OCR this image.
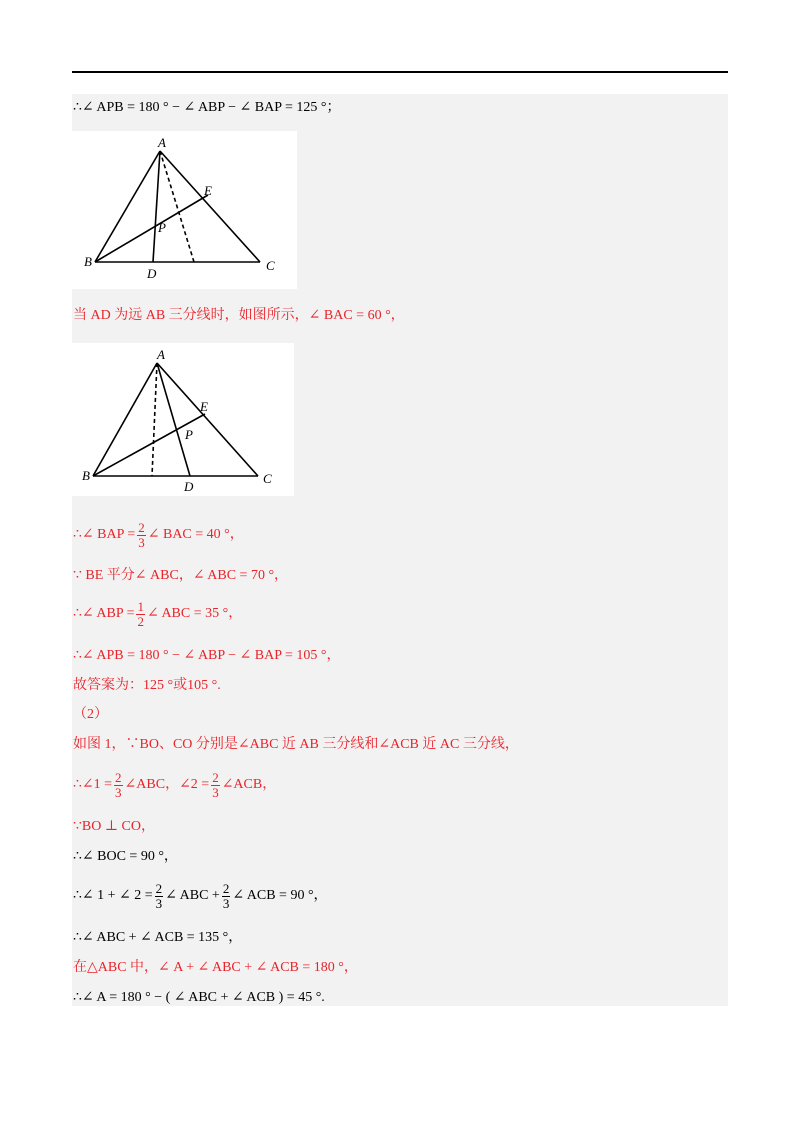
∴∠ APB = 180 ° − ∠ ABP − ∠ BAP = 125 °；
A
B	C
D
E
P
当 AD 为远 AB 三分线时，如图所示，∠ BAC = 60 °，
A
B	C
D
E
P
∴∠ BAP = $\frac{2}{3}$ ∠ BAC = 40 °，
∵ BE 平分∠ ABC，∠ ABC = 70 °，
∴∠ ABP = $\frac{1}{2}$ ∠ ABC = 35 °，
∴∠ APB = 180 ° − ∠ ABP − ∠ BAP = 105 °，
故答案为：125 °或105 °.
（2）
如图 1，∵BO、CO 分别是∠ABC 近 AB 三分线和∠ACB 近 AC 三分线，
∴∠1 = $\frac{2}{3}$ ∠ABC，∠2 = $\frac{2}{3}$ ∠ACB，
∵BO ⊥ CO，
∴∠ BOC = 90 °，
∴∠ 1 + ∠ $2 = \frac{2}{3}$ ∠ ABC + $\frac{2}{3}$ ∠ ACB = 90 °，
∴∠ ABC + ∠ ACB = 135 °，
在△ABC 中，∠ A + ∠ ABC + ∠ ACB = 180 °，
∴∠ A = 180 ° − ( ∠ ABC + ∠ ACB ) = 45 °.
